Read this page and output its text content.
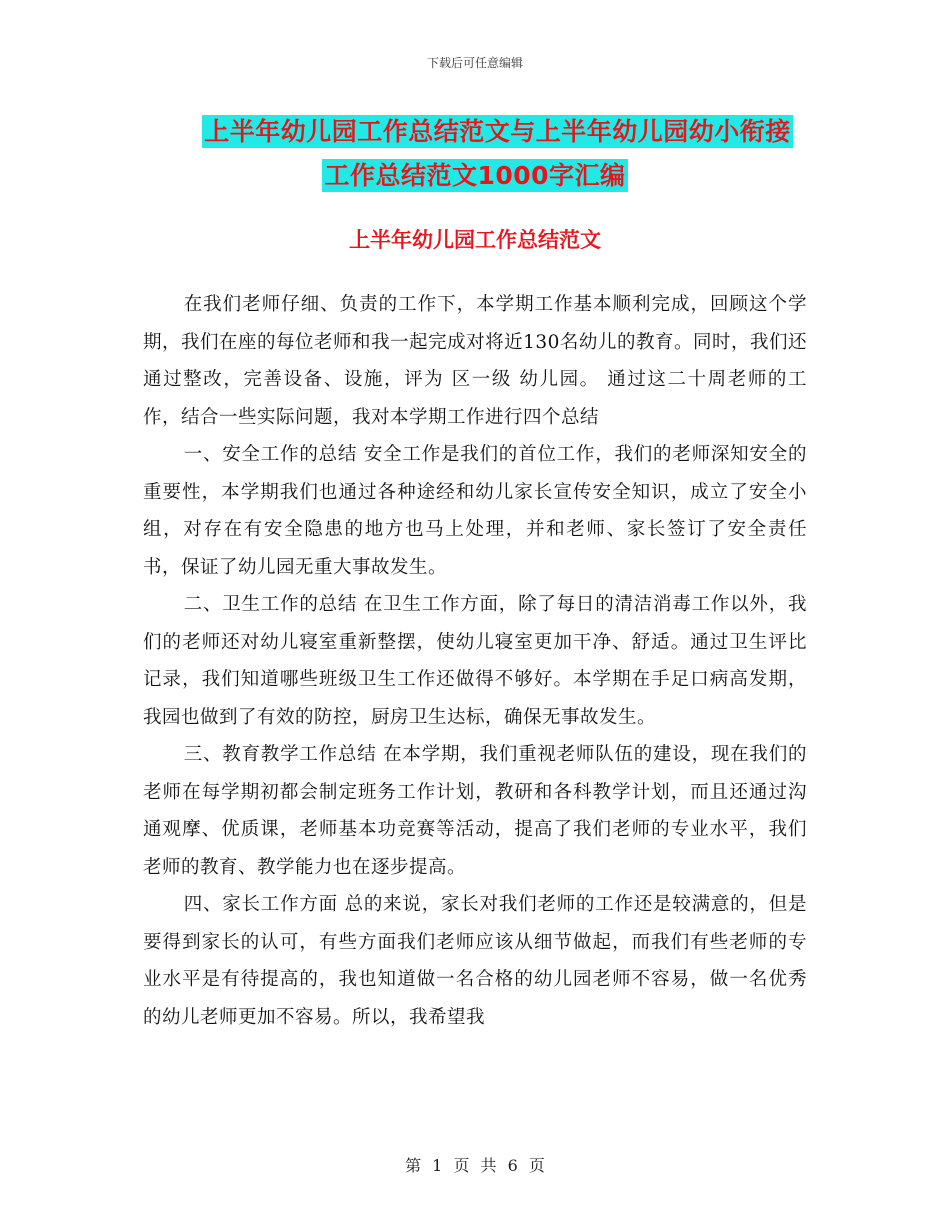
下载后可任意编辑
上半年幼儿园工作总结范文与上半年幼儿园幼小衔接
工作总结范文1000字汇编
上半年幼儿园工作总结范文

在我们老师仔细、负责的工作下，本学期工作基本顺利完成，回顾这个学期，我们在座的每位老师和我一起完成对将近130名幼儿的教育。同时，我们还通过整改，完善设备、设施，评为 区一级 幼儿园。 通过这二十周老师的工作，结合一些实际问题，我对本学期工作进行四个总结

一、安全工作的总结 安全工作是我们的首位工作，我们的老师深知安全的重要性，本学期我们也通过各种途经和幼儿家长宣传安全知识，成立了安全小组，对存在有安全隐患的地方也马上处理，并和老师、家长签订了安全责任书，保证了幼儿园无重大事故发生。

二、卫生工作的总结 在卫生工作方面，除了每日的清洁消毒工作以外，我们的老师还对幼儿寝室重新整摆，使幼儿寝室更加干净、舒适。通过卫生评比记录，我们知道哪些班级卫生工作还做得不够好。本学期在手足口病高发期，我园也做到了有效的防控，厨房卫生达标，确保无事故发生。

三、教育教学工作总结 在本学期，我们重视老师队伍的建设，现在我们的老师在每学期初都会制定班务工作计划，教研和各科教学计划，而且还通过沟通观摩、优质课，老师基本功竞赛等活动，提高了我们老师的专业水平，我们老师的教育、教学能力也在逐步提高。

四、家长工作方面 总的来说，家长对我们老师的工作还是较满意的，但是要得到家长的认可，有些方面我们老师应该从细节做起，而我们有些老师的专业水平是有待提高的，我也知道做一名合格的幼儿园老师不容易，做一名优秀的幼儿老师更加不容易。所以，我希望我

第 1 页 共 6 页
